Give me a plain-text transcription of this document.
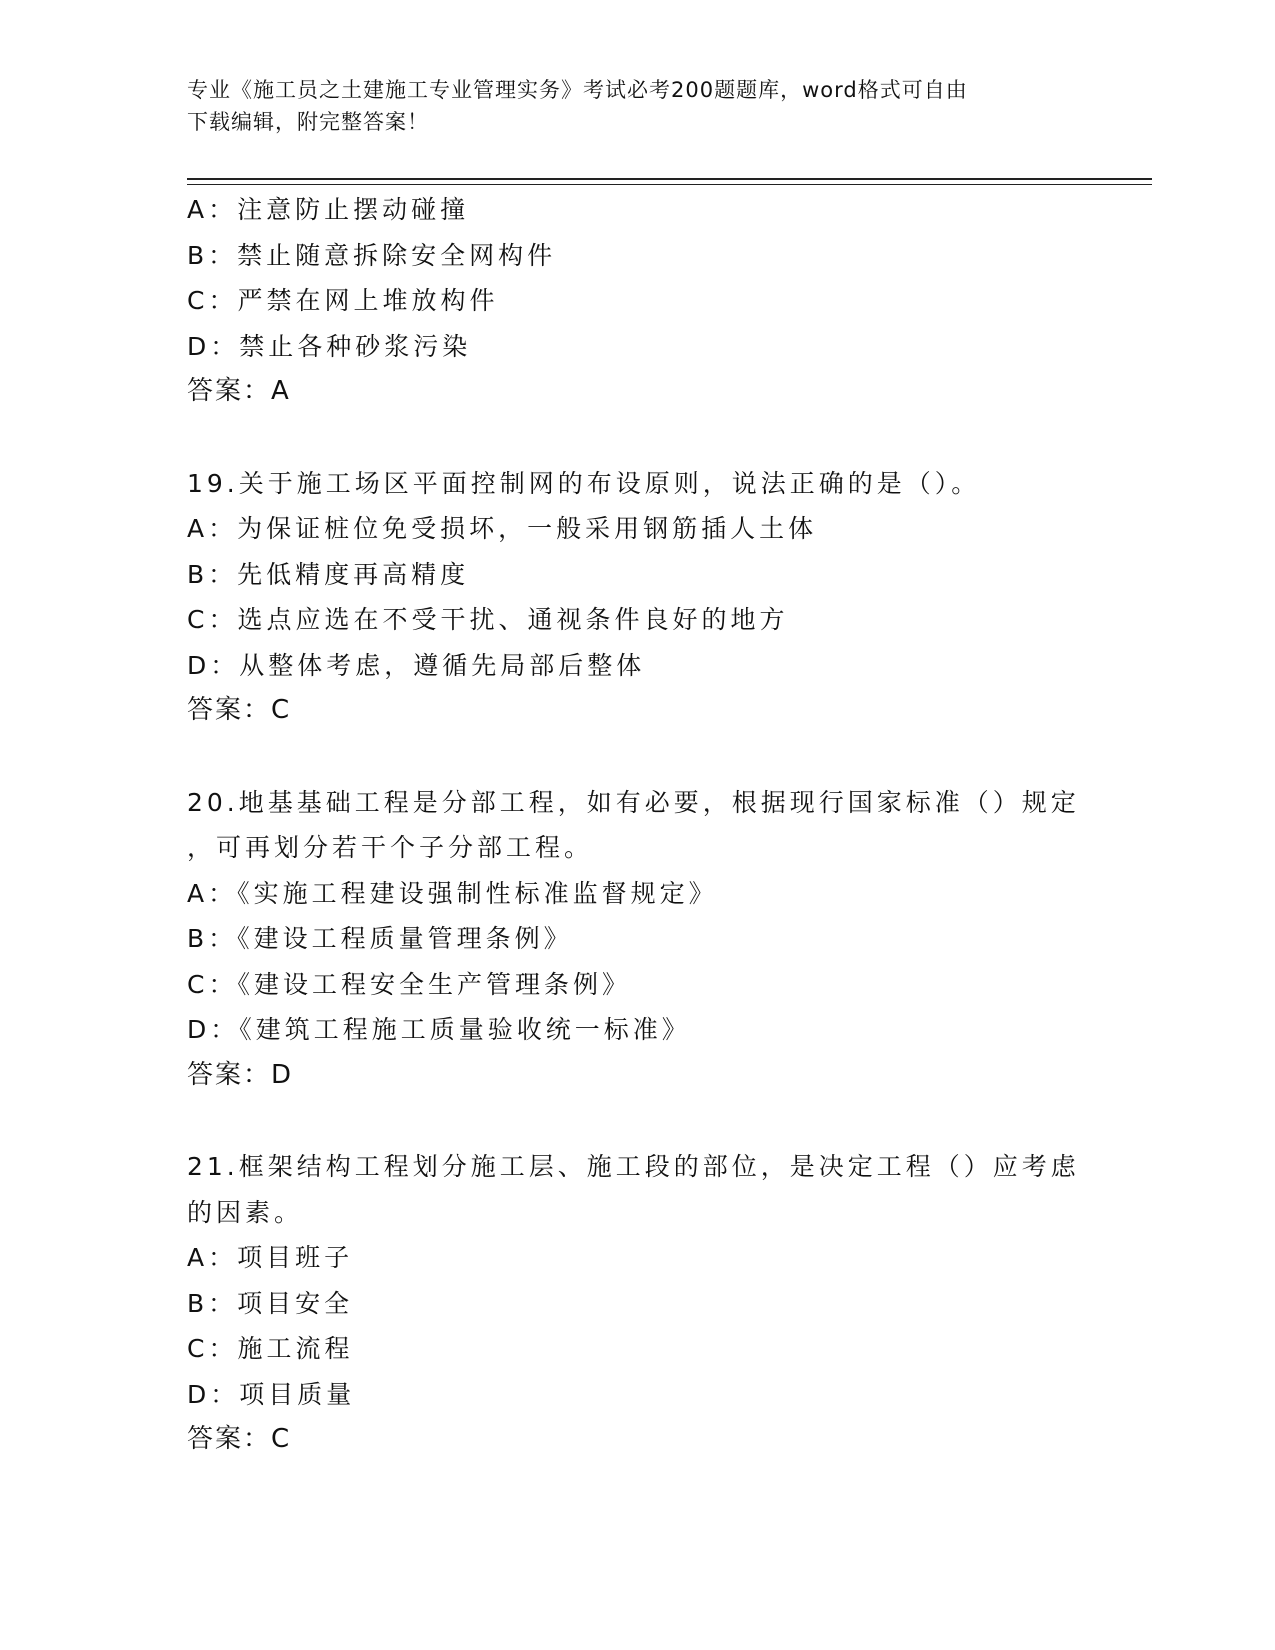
专业《施工员之土建施工专业管理实务》考试必考200题题库，word格式可自由
下载编辑，附完整答案！
A：注意防止摆动碰撞
B：禁止随意拆除安全网构件
C：严禁在网上堆放构件
D：禁止各种砂浆污染
答案：A
19.关于施工场区平面控制网的布设原则，说法正确的是（）。
A：为保证桩位免受损坏，一般采用钢筋插人土体
B：先低精度再高精度
C：选点应选在不受干扰、通视条件良好的地方
D：从整体考虑，遵循先局部后整体
答案：C
20.地基基础工程是分部工程，如有必要，根据现行国家标准（）规定
，可再划分若干个子分部工程。
A：《实施工程建设强制性标准监督规定》
B：《建设工程质量管理条例》
C：《建设工程安全生产管理条例》
D：《建筑工程施工质量验收统一标准》
答案：D
21.框架结构工程划分施工层、施工段的部位，是决定工程（）应考虑
的因素。
A：项目班子
B：项目安全
C：施工流程
D：项目质量
答案：C
